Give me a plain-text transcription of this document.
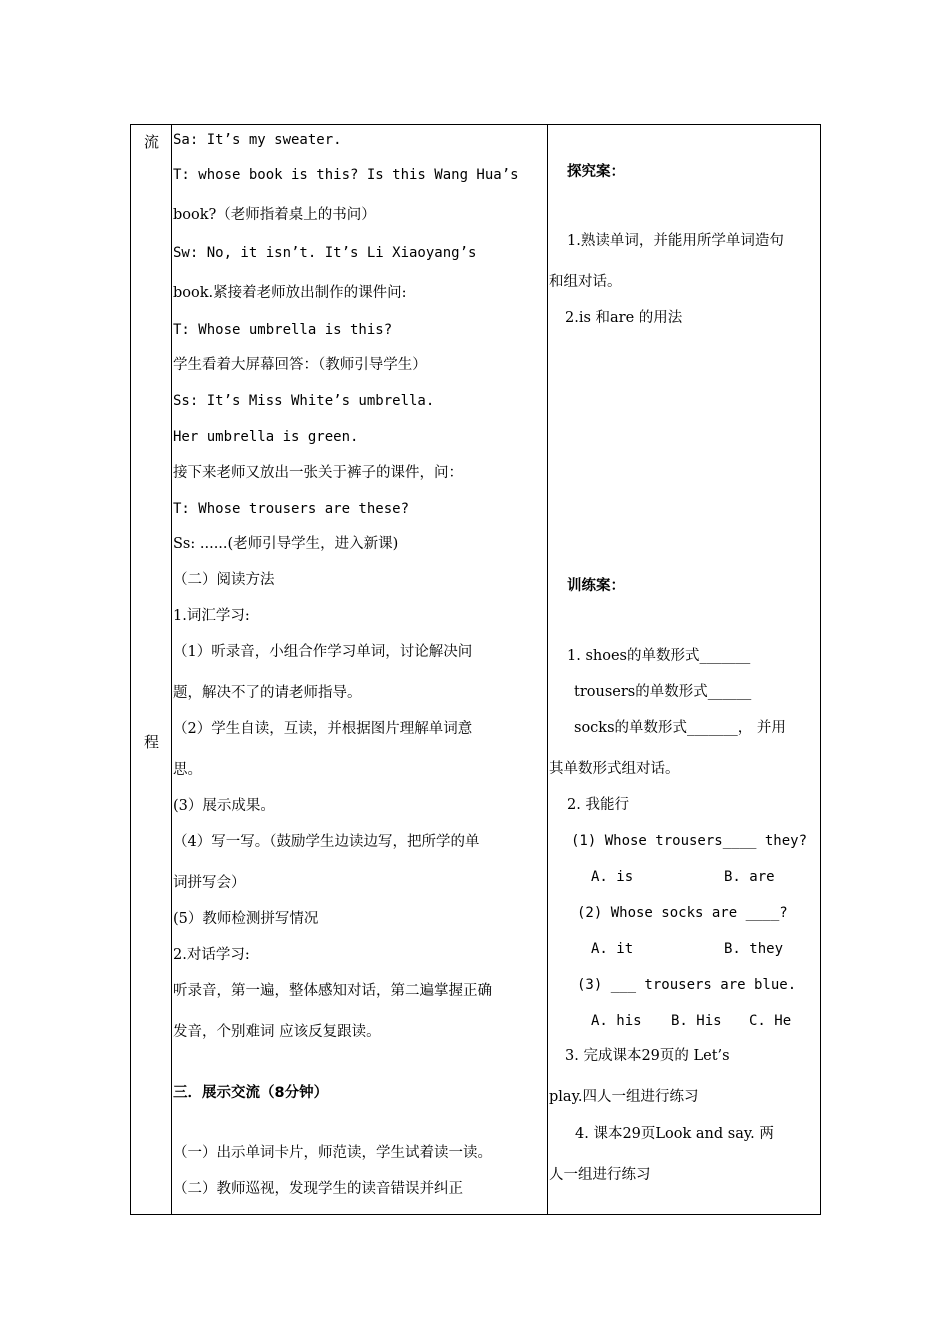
流
程
Sa: It’s my sweater.
T: whose book is this? Is this Wang Hua’s
book?（老师指着桌上的书问）
Sw: No, it isn’t. It’s Li Xiaoyang’s
book.紧接着老师放出制作的课件问:
T: Whose umbrella is this?
学生看着大屏幕回答：（教师引导学生）
Ss: It’s Miss White’s umbrella.
Her umbrella is green.
接下来老师又放出一张关于裤子的课件，问：
T: Whose trousers are these?
Ss: ......(老师引导学生，进入新课)
（二）阅读方法
1.词汇学习:
（1）听录音，小组合作学习单词，讨论解决问
题，解决不了的请老师指导。
（2）学生自读，互读，并根据图片理解单词意
思。
(3）展示成果。
（4）写一写。（鼓励学生边读边写，把所学的单
词拼写会）
(5）教师检测拼写情况
2.对话学习:
听录音，第一遍，整体感知对话，第二遍掌握正确
发音，个别难词 应该反复跟读。
三．展示交流（8分钟）
（一）出示单词卡片，师范读，学生试着读一读。
（二）教师巡视，发现学生的读音错误并纠正
探究案：
1.熟读单词，并能用所学单词造句
和组对话。
2.is 和are 的用法
训练案：
1. shoes的单数形式_______
trousers的单数形式______
socks的单数形式_______， 并用
其单数形式组对话。
2. 我能行
(1) Whose trousers____ they?
A. is	B. are
(2) Whose socks are ____?
A. it	B. they
(3) ___ trousers are blue.
A. his B. His C. He
3. 完成课本29页的 Let’s
play.四人一组进行练习
4. 课本29页Look and say. 两
人一组进行练习
